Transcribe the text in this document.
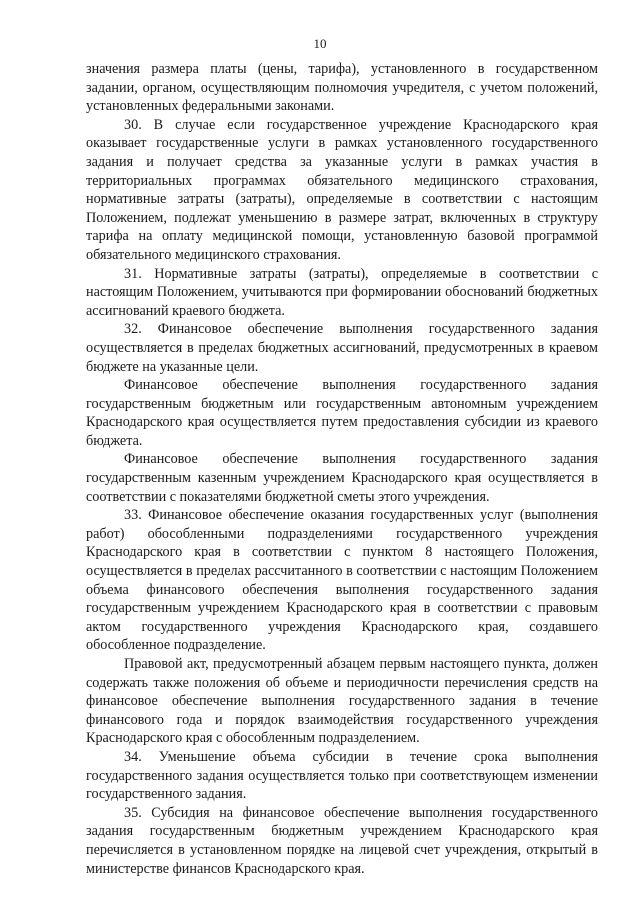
10

значения размера платы (цены, тарифа), установленного в государственном задании, органом, осуществляющим полномочия учредителя, с учетом положений, установленных федеральными законами.

30. В случае если государственное учреждение Краснодарского края оказывает государственные услуги в рамках установленного государственного задания и получает средства за указанные услуги в рамках участия в территориальных программах обязательного медицинского страхования, нормативные затраты (затраты), определяемые в соответствии с настоящим Положением, подлежат уменьшению в размере затрат, включенных в структуру тарифа на оплату медицинской помощи, установленную базовой программой обязательного медицинского страхования.

31. Нормативные затраты (затраты), определяемые в соответствии с настоящим Положением, учитываются при формировании обоснований бюджетных ассигнований краевого бюджета.

32. Финансовое обеспечение выполнения государственного задания осуществляется в пределах бюджетных ассигнований, предусмотренных в краевом бюджете на указанные цели.

Финансовое обеспечение выполнения государственного задания государственным бюджетным или государственным автономным учреждением Краснодарского края осуществляется путем предоставления субсидии из краевого бюджета.

Финансовое обеспечение выполнения государственного задания государственным казенным учреждением Краснодарского края осуществляется в соответствии с показателями бюджетной сметы этого учреждения.

33. Финансовое обеспечение оказания государственных услуг (выполнения работ) обособленными подразделениями государственного учреждения Краснодарского края в соответствии с пунктом 8 настоящего Положения, осуществляется в пределах рассчитанного в соответствии с настоящим Положением объема финансового обеспечения выполнения государственного задания государственным учреждением Краснодарского края в соответствии с правовым актом государственного учреждения Краснодарского края, создавшего обособленное подразделение.

Правовой акт, предусмотренный абзацем первым настоящего пункта, должен содержать также положения об объеме и периодичности перечисления средств на финансовое обеспечение выполнения государственного задания в течение финансового года и порядок взаимодействия государственного учреждения Краснодарского края с обособленным подразделением.

34. Уменьшение объема субсидии в течение срока выполнения государственного задания осуществляется только при соответствующем изменении государственного задания.

35. Субсидия на финансовое обеспечение выполнения государственного задания государственным бюджетным учреждением Краснодарского края перечисляется в установленном порядке на лицевой счет учреждения, открытый в министерстве финансов Краснодарского края.
